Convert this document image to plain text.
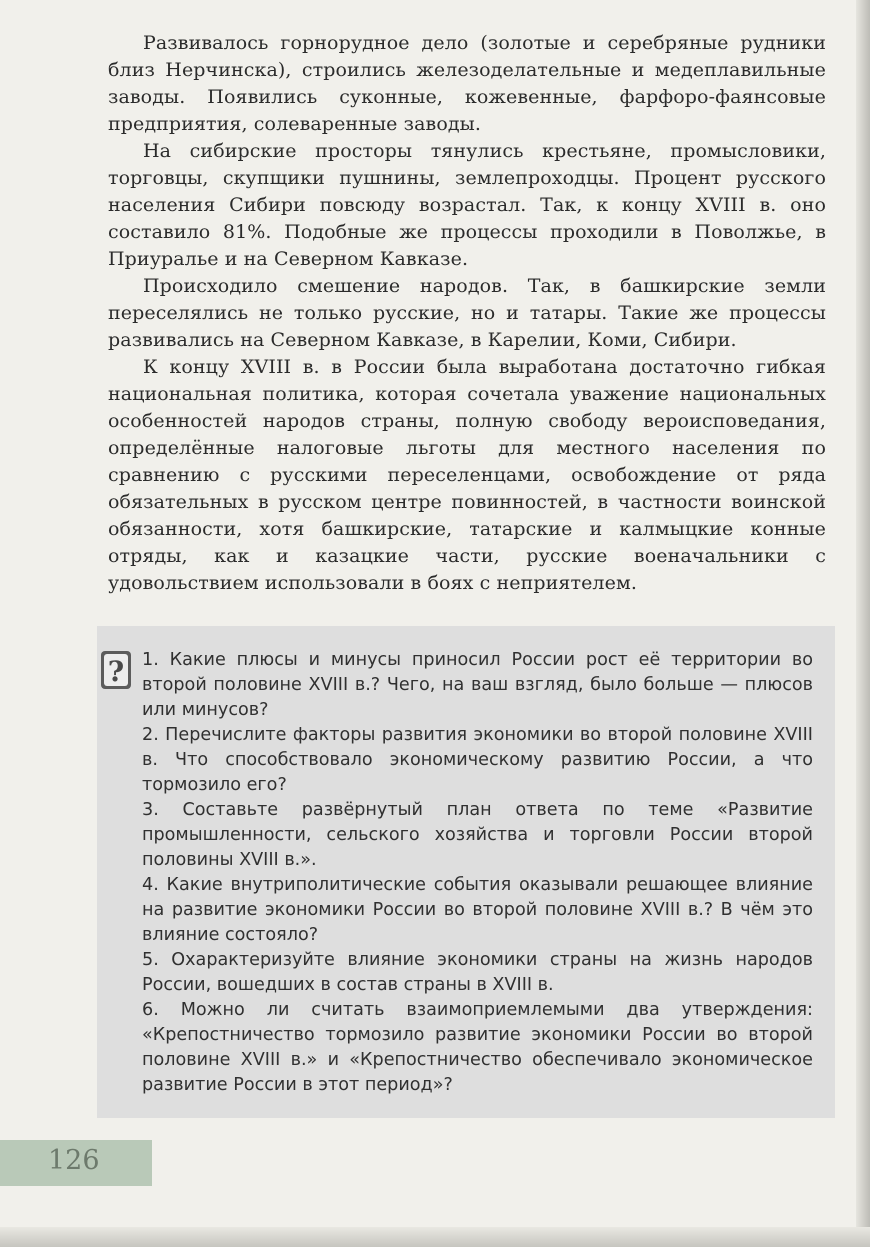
Развивалось горнорудное дело (золотые и серебряные рудники близ Нерчинска), строились железоделательные и медеплавильные заводы. Появились суконные, кожевенные, фарфоро-фаянсовые предприятия, солеваренные заводы.

На сибирские просторы тянулись крестьяне, промысловики, торговцы, скупщики пушнины, землепроходцы. Процент русского населения Сибири повсюду возрастал. Так, к концу XVIII в. оно составило 81%. Подобные же процессы проходили в Поволжье, в Приуралье и на Северном Кавказе.

Происходило смешение народов. Так, в башкирские земли переселялись не только русские, но и татары. Такие же процессы развивались на Северном Кавказе, в Карелии, Коми, Сибири.

К концу XVIII в. в России была выработана достаточно гибкая национальная политика, которая сочетала уважение национальных особенностей народов страны, полную свободу вероисповедания, определённые налоговые льготы для местного населения по сравнению с русскими переселенцами, освобождение от ряда обязательных в русском центре повинностей, в частности воинской обязанности, хотя башкирские, татарские и калмыцкие конные отряды, как и казацкие части, русские военачальники с удовольствием использовали в боях с неприятелем.

? 1. Какие плюсы и минусы приносил России рост её территории во второй половине XVIII в.? Чего, на ваш взгляд, было больше — плюсов или минусов?

2. Перечислите факторы развития экономики во второй половине XVIII в. Что способствовало экономическому развитию России, а что тормозило его?

3. Составьте развёрнутый план ответа по теме «Развитие промышленности, сельского хозяйства и торговли России второй половины XVIII в.».

4. Какие внутриполитические события оказывали решающее влияние на развитие экономики России во второй половине XVIII в.? В чём это влияние состояло?

5. Охарактеризуйте влияние экономики страны на жизнь народов России, вошедших в состав страны в XVIII в.

6. Можно ли считать взаимоприемлемыми два утверждения: «Крепостничество тормозило развитие экономики России во второй половине XVIII в.» и «Крепостничество обеспечивало экономическое развитие России в этот период»?

126
